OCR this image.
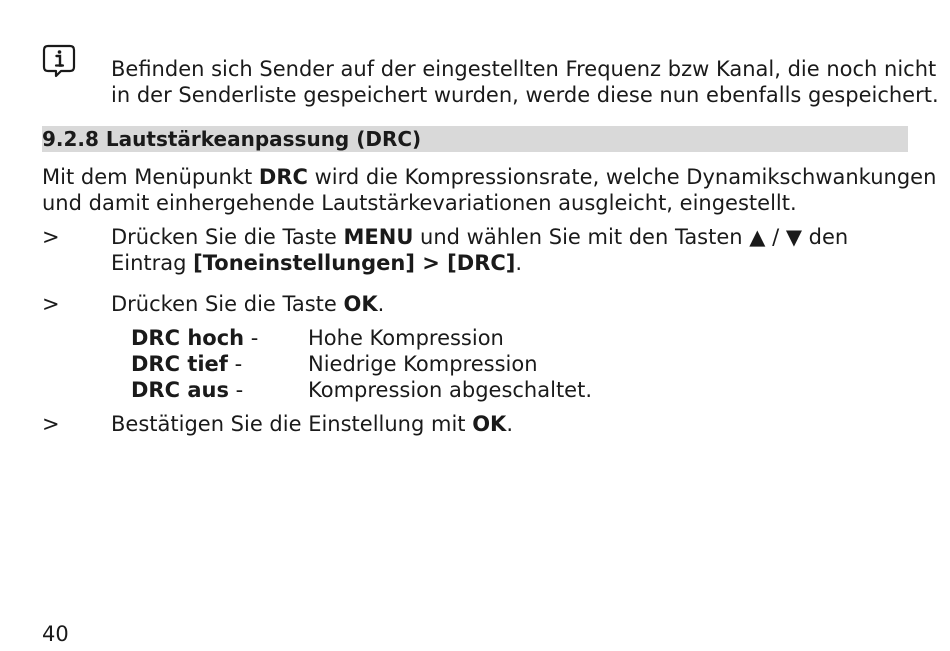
Befinden sich Sender auf der eingestellten Frequenz bzw Kanal, die noch nicht
in der Senderliste gespeichert wurden, werde diese nun ebenfalls gespeichert.
9.2.8 Lautstärkeanpassung (DRC)
Mit dem Menüpunkt DRC wird die Kompressionsrate, welche Dynamikschwankungen
und damit einhergehende Lautstärkevariationen ausgleicht, eingestellt.
> Drücken Sie die Taste MENU und wählen Sie mit den Tasten ▲ / ▼ den
Eintrag [Toneinstellungen] > [DRC].
> Drücken Sie die Taste OK.
DRC hoch - Hohe Kompression
DRC tief -	Niedrige Kompression
DRC aus -	Kompression abgeschaltet.
> Bestätigen Sie die Einstellung mit OK.
40
